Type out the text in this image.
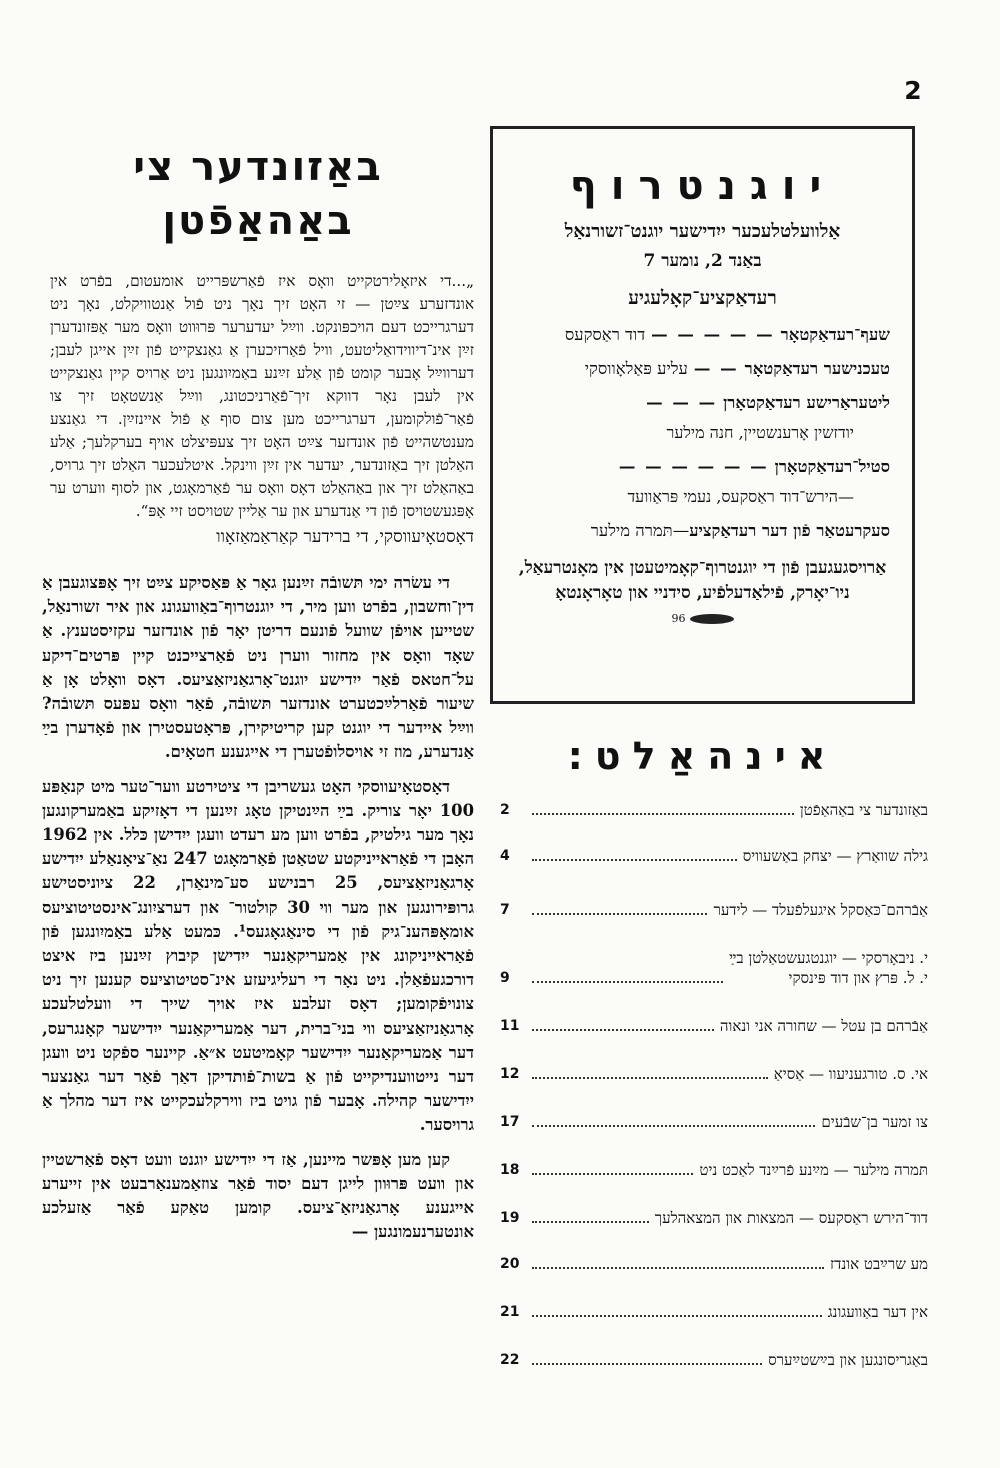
2
באַזונדער צי באַהאַפֿטן

„...די איזאָלירטקייט וואָס איז פֿאַרשפּרייט אומעטום, בפֿרט אין אונדזערע צײַטן — זי האָט זיך נאָך ניט פֿול אַנטוויקלט, נאָך ניט דערגרייכט דעם הויכפּונקט. ווײַל יעדערער פּרוּווט וואָס מער אָפּזונדערן זײַן אינ־דיווידואַליטעט, וויל פֿאַרזיכערן אַ גאַנצקייט פֿון זײַן אייגן לעבן; דערווײַל אָבער קומט פֿון אַלע זײַנע באַמיִונגען ניט אַרויס קיין גאַנצקייט אין לעבן נאָר דווקא זיך־פֿאַרניכטונג, ווײַל אַנשטאָט זיך צו פֿאַר־פֿולקומען, דערגרייכט מען צום סוף אַ פֿול איינזײַן. די גאַנצע מענטשהייט פֿון אונדזער צײַט האָט זיך צעפּיצלט אויף בערקלעך; אַלע האַלטן זיך באַזונדער, יעדער אין זײַן ווינקל. איטלעכער האַלט זיך גרויס, באַהאַלט זיך און באַהאַלט דאָס וואָס ער פֿאַרמאָגט, און לסוף ווערט ער אָפּגעשטויסן פֿון די אַנדערע און ער אַליין שטויסט זיי אָפּ“.

דאָסטאָיעווסקי, די ברידער קאַראַמאַזאָוו

די עשׂרה ימי תּשובֿה זײַנען גאָר אַ פּאַסיקע צײַט זיך אָפּצוגעבן אַ דין־וחשבון, בפֿרט ווען מיר, די יוגנטרוף־באַוועגונג און איר זשורנאַל, שטייען אויפֿן שוועל פֿונעם דריטן יאָר פֿון אונדזער עקזיסטענץ. אַ שאָד וואָס אין מחזור ווערן ניט פֿאַרצייכנט קיין פּרטים־דיקע על־חטאס פֿאַר ייִדישע יוגנט־אָרגאַניזאַציעס. דאָס וואָלט אָן אַ שיעור פֿאַרלײַכטערט אונדזער תּשובֿה, פֿאַר וואָס עפּעס תּשובֿה? ווײַל אײדער די יוגנט קען קריטיקירן, פּראָטעסטירן און פֿאָדערן בײַ אַנדערע, מוז זי אויסלופֿטערן די אייגענע חטאָים.

דאָסטאָיעווסקי האָט געשריבן די ציטירטע ווער־טער מיט קנאַפּע 100 יאָר צוריק. בײַ הײַנטיקן טאָג זײַנען די דאָזיקע באַמערקונגען נאָך מער גילטיק, בפֿרט ווען מע רעדט וועגן ייִדישן כּלל. אין 1962 האָבן די פֿאַראייניקטע שטאַטן פֿאַרמאָגט 247 נאַ־ציאָנאַלע ייִדישע אָרגאַניזאַציעס, 25 רבנישע סע־מינאַרן, 22 ציוניסטישע גרופּירונגען און מער ווי 30 קולטור־ און דערציִונג־אינסטיטוציעס אומאָפּהענ־גיק פֿון די סינאַגאָגעס¹. כּמעט אַלע באַמיִונגען פֿון פֿאַראייניקונג אין אַמעריקאַנער ייִדישן קיבוץ זײַנען ביז איצט דורכגעפֿאַלן. ניט נאָר די רעליגיעזע אינ־סטיטוציעס קענען זיך ניט צונויפֿקומען; דאָס זעלבע איז אויך שייך די וועלטלעכע אָרגאַניזאַציעס ווי בני־ברית, דער אַמעריקאַנער ייִדישער קאָנגרעס, דער אַמעריקאַנער ייִדישער קאָמיטעט א״אַ. קיינער ספֿקט ניט וועגן דער נייטווענדיקייט פֿון אַ בשות־פֿותדיקן דאַך פֿאַר דער גאַנצער ייִדישער קהילה. אָבער פֿון גויט ביז ווירקלעכקייט איז דער מהלך אַ גרויסער.

קען מען אָפּשר מיינען, אַז די ייִדישע יוגנט וועט דאָס פֿאַרשטיין און וועט פּרוּוון לייגן דעם יסוד פֿאַר צוזאַמענאַרבעט אין זייערע אייגענע אָרגאַניזאַ־ציעס. קומען טאַקע פֿאַר אַזעלכע אונטערנעמונגען —

יוגנטרוף
אַלוועלטלעכער ייִדישער יוגנט־זשורנאַל
באַנד 2, נומער 7
רעדאַקציע־קאָלעגיע
שעף־רעדאַקטאָר— — — — —דוד ראַסקעס
טעכנישער רעדאַקטאָר— —עליע פּאַלאָווסקי
ליטעראַרישע רעדאַקטאָרן— — —
יודזשין אָרענשטיין, חנה מילער
סטיל־רעדאַקטאָרן— — — — — —
—הירש־דוד ראַסקעס, נעמי פּראַוועד
סעקרעטאַר פֿון דער רעדאַקציע—תּמרה מילער
אַרויסגעגעבן פֿון די יוגנטרוף־קאָמיטעטן אין מאָנטרעאַל, ניו־יאָרק, פֿילאַדעלפֿיע, סידניי און טאָראָנטאָ
96
אינהאַלט:
באַזונדער צי באַהאַפֿטן
2
גילה שוואַרץ — יצחק באַשעוויס
4
אַבֿרהם־כּאַסקל איגעלפֿעלד — לידער
7
י. ניבאָרסקי — יוגנטגעשטאַלטן בײַ
י. ל. פּרץ און דוד פּינסקי
9
אַבֿרהם בן עטל — שחורה אני ונאוה
11
אי. ס. טורגעניעוו — אַסיאַ
12
צו זמער בן־שבֿעים
17
תּמרה מילער — מײַנע פֿרײַנד לאַכט ניט
18
דוד־הירש ראַסקעס — המצאות און המצאהלעך
19
מע שרײַבט אונדז
20
אין דער באַוועגונג
21
באַגריסונגען און בײַשטײַערס
22
